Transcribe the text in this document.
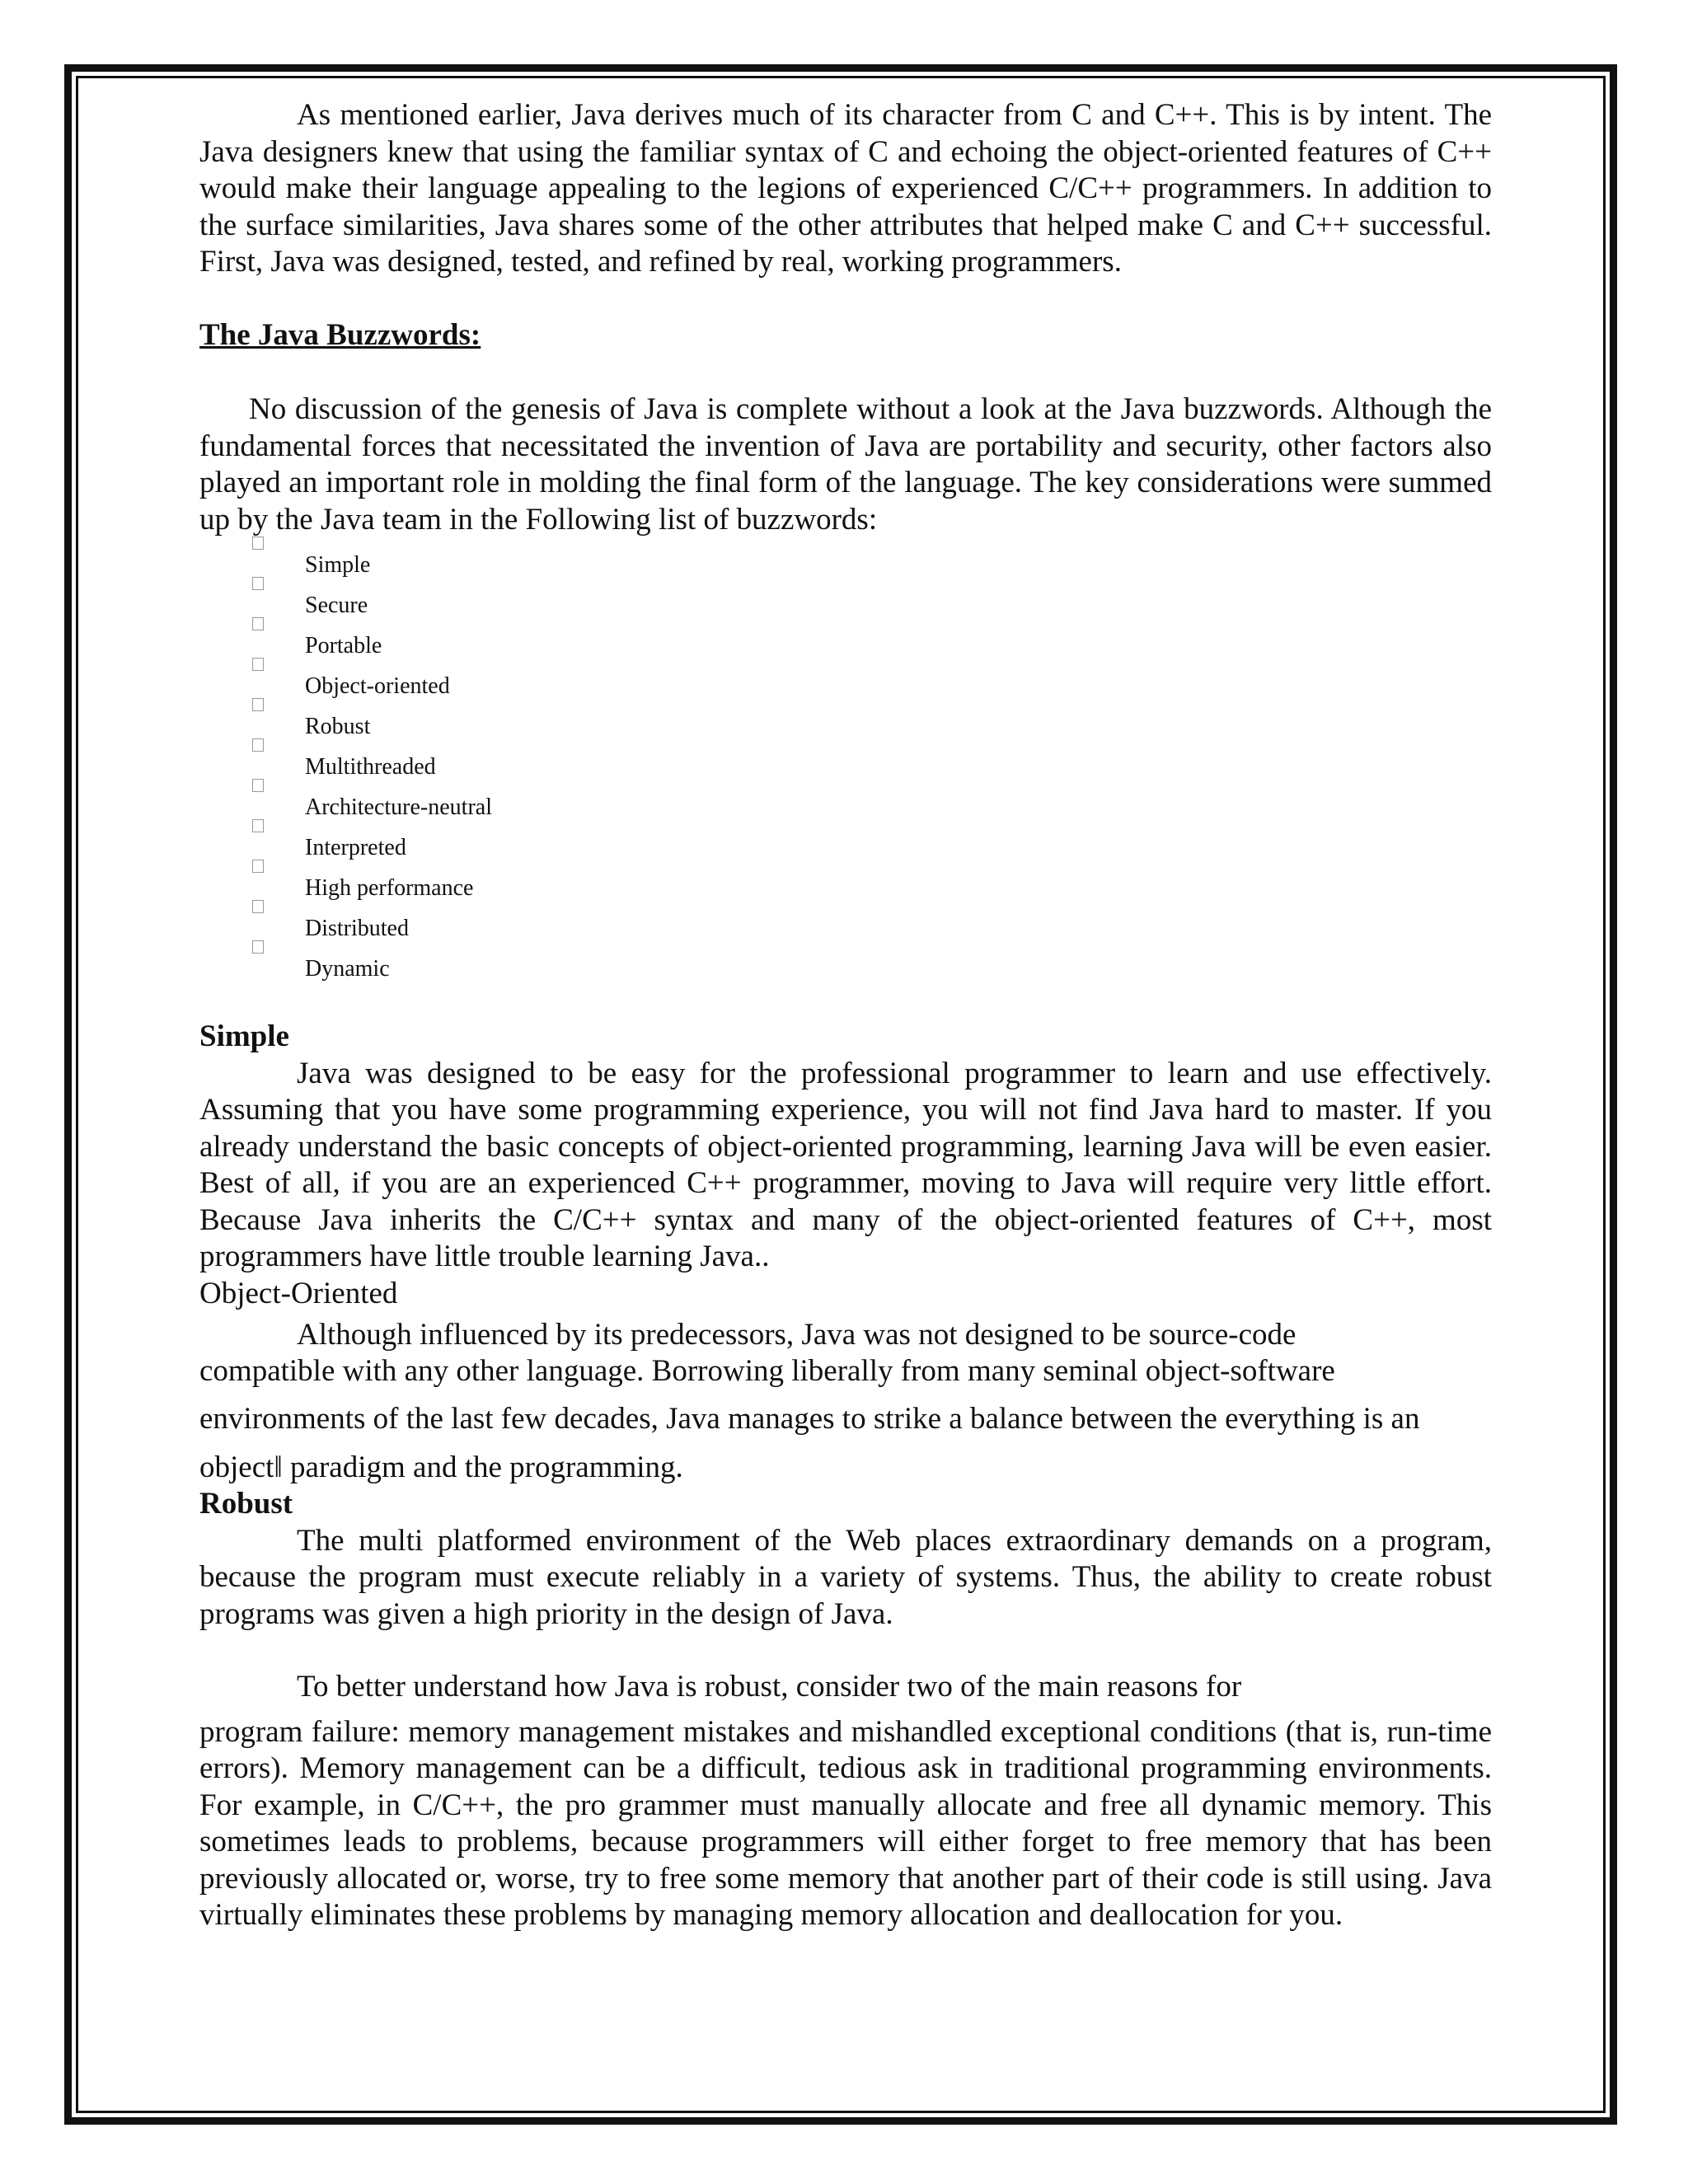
As mentioned earlier, Java derives much of its character from C and C++. This is by intent. The Java designers knew that using the familiar syntax of C and echoing the object-oriented features of C++ would make their language appealing to the legions of experienced C/C++ programmers. In addition to the surface similarities, Java shares some of the other attributes that helped make C and C++ successful. First, Java was designed, tested, and refined by real, working programmers.

The Java Buzzwords:

No discussion of the genesis of Java is complete without a look at the Java buzzwords. Although the fundamental forces that necessitated the invention of Java are portability and security, other factors also played an important role in molding the final form of the language. The key considerations were summed up by the Java team in the Following list of buzzwords:

Simple
Secure
Portable
Object-oriented
Robust
Multithreaded
Architecture-neutral
Interpreted
High performance
Distributed
Dynamic

Simple

Java was designed to be easy for the professional programmer to learn and use effectively. Assuming that you have some programming experience, you will not find Java hard to master. If you already understand the basic concepts of object-oriented programming, learning Java will be even easier. Best of all, if you are an experienced C++ programmer, moving to Java will require very little effort. Because Java inherits the C/C++ syntax and many of the object-oriented features of C++, most programmers have little trouble learning Java..

Object-Oriented

Although influenced by its predecessors, Java was not designed to be source-code

compatible with any other language. Borrowing liberally from many seminal object-software

environments of the last few decades, Java manages to strike a balance between the everything is an

object‖ paradigm and the programming.

Robust

The multi platformed environment of the Web places extraordinary demands on a program, because the program must execute reliably in a variety of systems. Thus, the ability to create robust programs was given a high priority in the design of Java.

To better understand how Java is robust, consider two of the main reasons for

program failure: memory management mistakes and mishandled exceptional conditions (that is, run-time errors). Memory management can be a difficult, tedious ask in traditional programming environments. For example, in C/C++, the pro grammer must manually allocate and free all dynamic memory. This sometimes leads to problems, because programmers will either forget to free memory that has been previously allocated or, worse, try to free some memory that another part of their code is still using. Java virtually eliminates these problems by managing memory allocation and deallocation for you.
